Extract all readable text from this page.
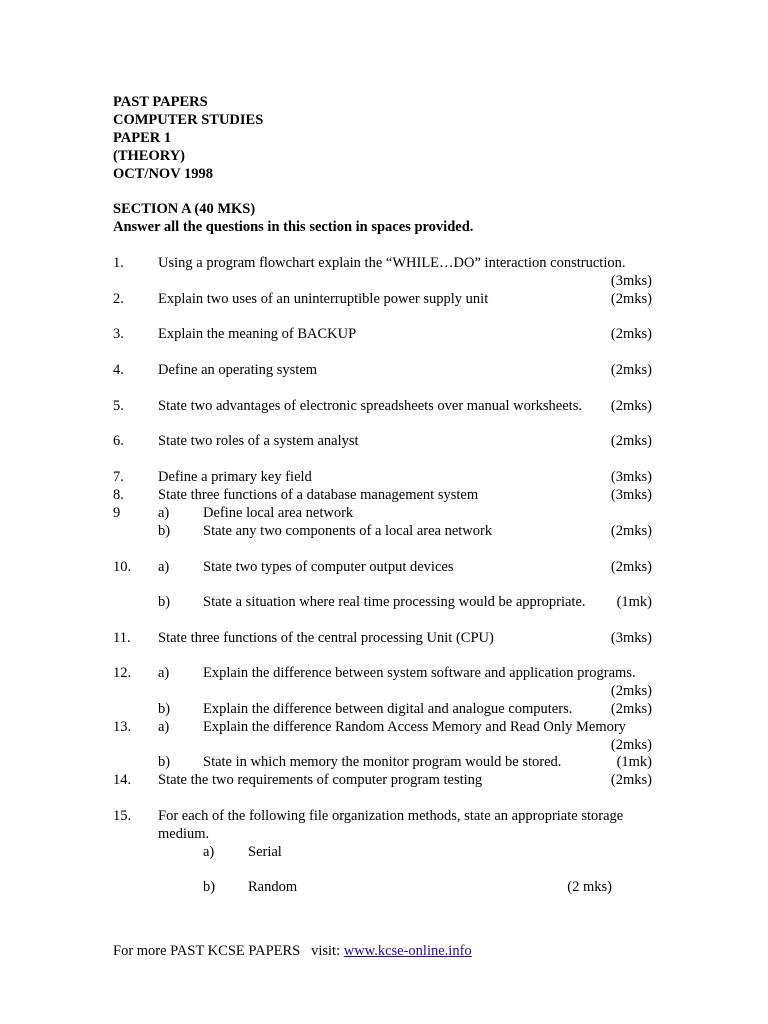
PAST PAPERS
COMPUTER STUDIES
PAPER 1
(THEORY)
OCT/NOV 1998
SECTION A (40 MKS)
Answer all the questions in this section in spaces provided.
1. Using a program flowchart explain the “WHILE…DO” interaction construction.
(3mks)
2. Explain two uses of an uninterruptible power supply unit	(2mks)
3. Explain the meaning of BACKUP	(2mks)
4. Define an operating system	(2mks)
5. State two advantages of electronic spreadsheets over manual worksheets.	(2mks)
6. State two roles of a system analyst	(2mks)
7. Define a primary key field	(3mks)
8. State three functions of a database management system	(3mks)
9	a) Define local area network
b) State any two components of a local area network	(2mks)
10. a) State two types of computer output devices	(2mks)
b) State a situation where real time processing would be appropriate.	(1mk)
11. State three functions of the central processing Unit (CPU)	(3mks)
12. a) Explain the difference between system software and application programs.
(2mks)
b) Explain the difference between digital and analogue computers.	(2mks)
13. a) Explain the difference Random Access Memory and Read Only Memory
(2mks)
b) State in which memory the monitor program would be stored.	(1mk)
14. State the two requirements of computer program testing	(2mks)
15. For each of the following file organization methods, state an appropriate storage
medium.
a) Serial
b) Random	(2 mks)
For more PAST KCSE PAPERS   visit: www.kcse-online.info
